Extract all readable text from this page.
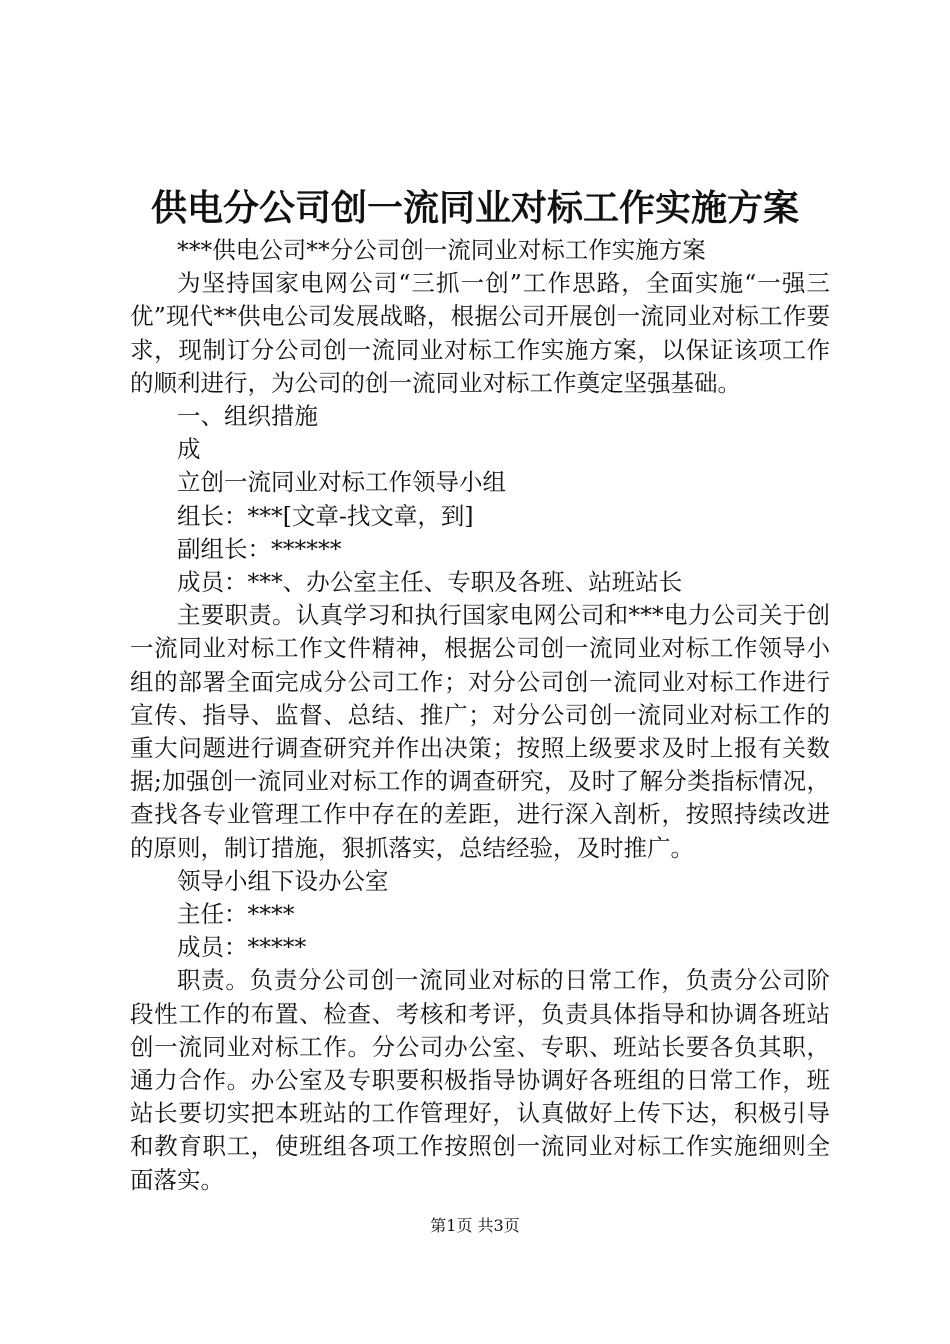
供电分公司创一流同业对标工作实施方案

***供电公司**分公司创一流同业对标工作实施方案

为坚持国家电网公司“三抓一创”工作思路，全面实施“一强三优”现代**供电公司发展战略，根据公司开展创一流同业对标工作要求，现制订分公司创一流同业对标工作实施方案，以保证该项工作的顺利进行，为公司的创一流同业对标工作奠定坚强基础。

一、组织措施

成

立创一流同业对标工作领导小组

组长：***[文章-找文章，到]

副组长：******

成员：***、办公室主任、专职及各班、站班站长

主要职责。认真学习和执行国家电网公司和***电力公司关于创一流同业对标工作文件精神，根据公司创一流同业对标工作领导小组的部署全面完成分公司工作；对分公司创一流同业对标工作进行宣传、指导、监督、总结、推广；对分公司创一流同业对标工作的重大问题进行调查研究并作出决策；按照上级要求及时上报有关数据;加强创一流同业对标工作的调查研究，及时了解分类指标情况，查找各专业管理工作中存在的差距，进行深入剖析，按照持续改进的原则，制订措施，狠抓落实，总结经验，及时推广。

领导小组下设办公室

主任：****

成员：*****

职责。负责分公司创一流同业对标的日常工作，负责分公司阶段性工作的布置、检查、考核和考评，负责具体指导和协调各班站创一流同业对标工作。分公司办公室、专职、班站长要各负其职，通力合作。办公室及专职要积极指导协调好各班组的日常工作，班站长要切实把本班站的工作管理好，认真做好上传下达，积极引导和教育职工，使班组各项工作按照创一流同业对标工作实施细则全面落实。

第1页 共3页
